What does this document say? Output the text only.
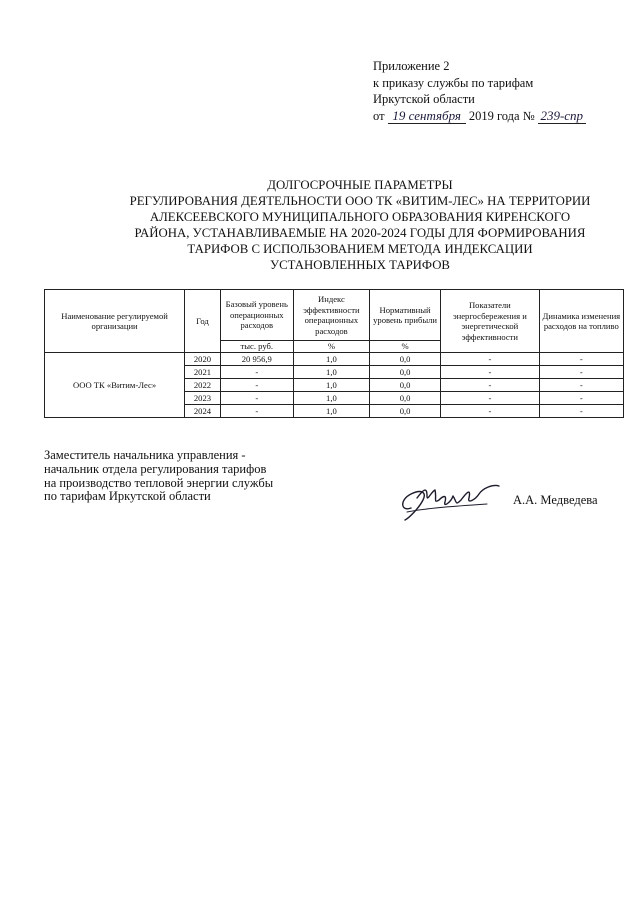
Приложение 2
к приказу службы по тарифам
Иркутской области
от 19 сентября 2019 года № 239-спр
ДОЛГОСРОЧНЫЕ ПАРАМЕТРЫ
РЕГУЛИРОВАНИЯ ДЕЯТЕЛЬНОСТИ ООО ТК «ВИТИМ-ЛЕС» НА ТЕРРИТОРИИ
АЛЕКСЕЕВСКОГО МУНИЦИПАЛЬНОГО ОБРАЗОВАНИЯ КИРЕНСКОГО
РАЙОНА, УСТАНАВЛИВАЕМЫЕ НА 2020-2024 ГОДЫ ДЛЯ ФОРМИРОВАНИЯ
ТАРИФОВ С ИСПОЛЬЗОВАНИЕМ МЕТОДА ИНДЕКСАЦИИ
УСТАНОВЛЕННЫХ ТАРИФОВ
Наименование регулируемой организации	Год	Базовый уровень операционных расходов	Индекс эффективности операционных расходов	Нормативный уровень прибыли	Показатели энергосбережения и энергетической эффективности	Динамика изменения расходов на топливо
		тыс. руб.	%	%		
ООО ТК «Витим-Лес»	2020	20 956,9	1,0	0,0	-	-
	2021	-	1,0	0,0	-	-
	2022	-	1,0	0,0	-	-
	2023	-	1,0	0,0	-	-
	2024	-	1,0	0,0	-	-
Заместитель начальника управления -
начальник отдела регулирования тарифов
на производство тепловой энергии службы
по тарифам Иркутской области	А.А. Медведева
